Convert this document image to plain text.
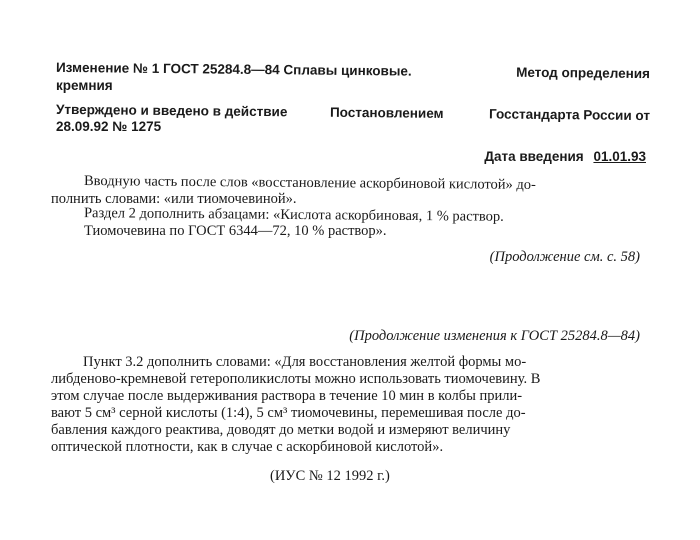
Изменение № 1 ГОСТ 25284.8—84 Сплавы цинковые.	Метод определения
кремния
Утверждено и введено в действие	Постановлением	Госстандарта России от
28.09.92 № 1275
Дата введения 01.01.93
Вводную часть после слов «восстановление аскорбиновой кислотой» до-
полнить словами: «или тиомочевиной».
Раздел 2 дополнить абзацами: «Кислота аскорбиновая, 1 % раствор.
Тиомочевина по ГОСТ 6344—72, 10 % раствор».
(Продолжение см. с. 58)
(Продолжение изменения к ГОСТ 25284.8—84)
Пункт 3.2 дополнить словами: «Для восстановления желтой формы мо-
либденово-кремневой гетерополикислоты можно использовать тиомочевину. В
этом случае после выдерживания раствора в течение 10 мин в колбы прили-
вают 5 см³ серной кислоты (1:4), 5 см³ тиомочевины, перемешивая после до-
бавления каждого реактива, доводят до метки водой и измеряют величину
оптической плотности, как в случае с аскорбиновой кислотой».
(ИУС № 12 1992 г.)
